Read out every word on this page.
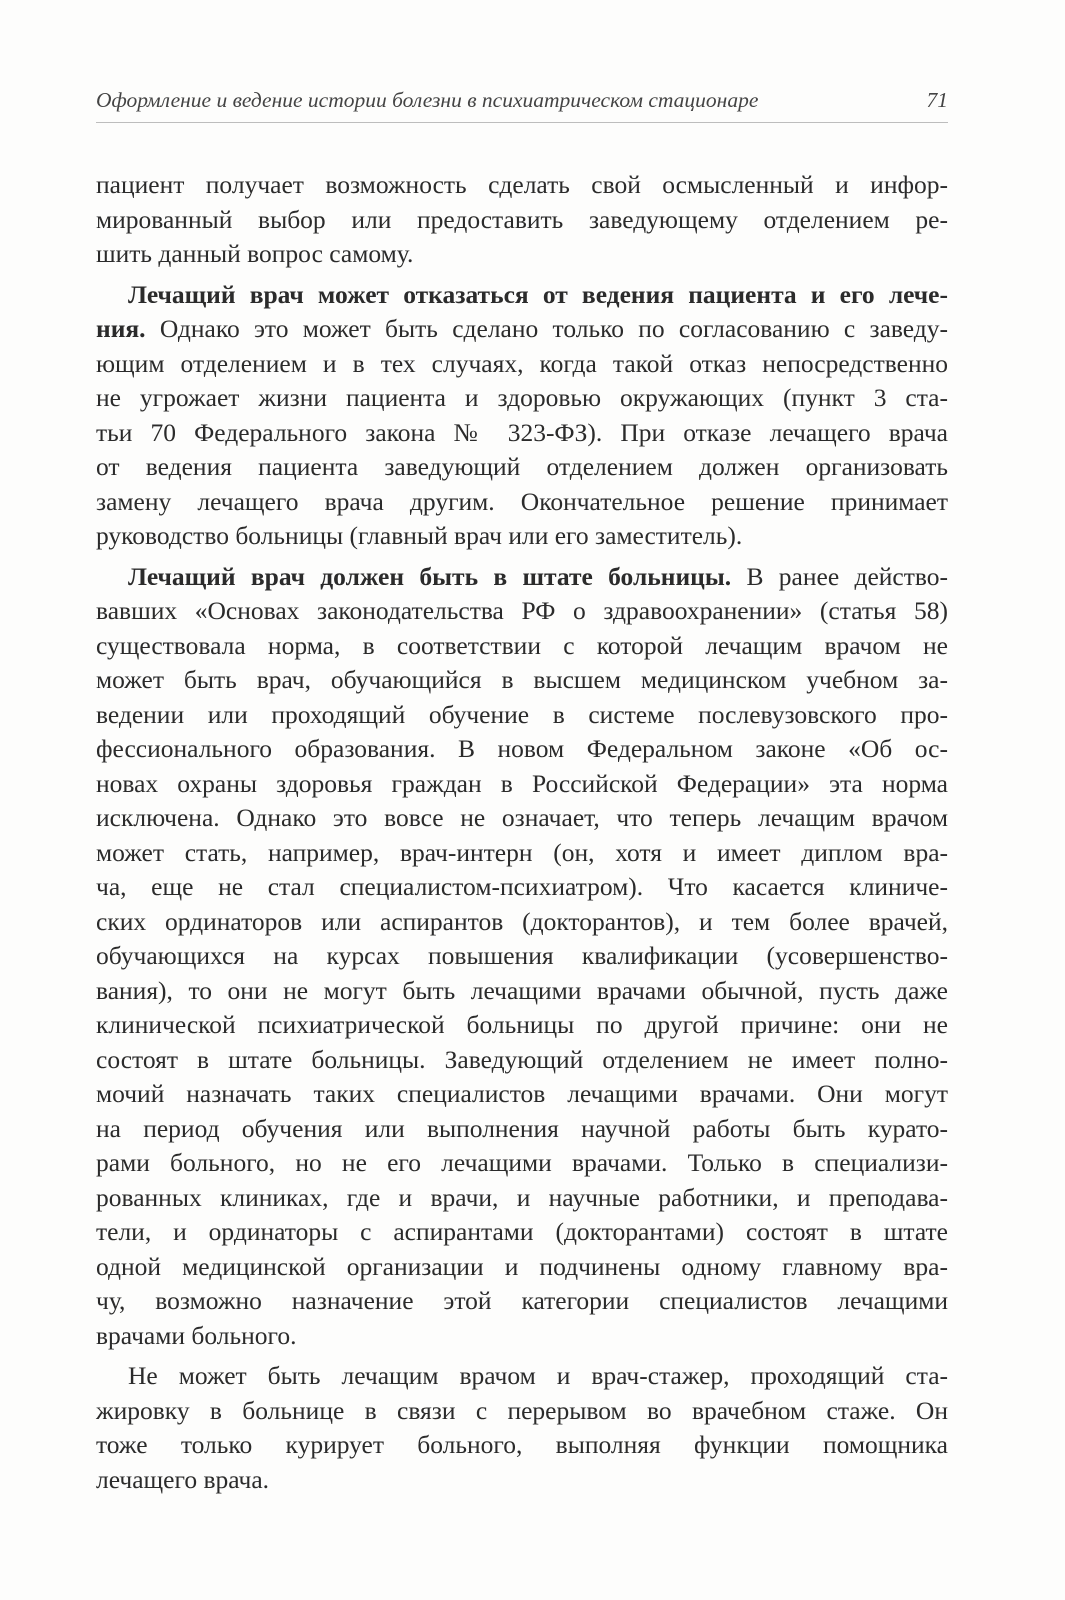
Оформление и ведение истории болезни в психиатрическом стационаре	71
пациент получает возможность сделать свой осмысленный и инфор-
мированный выбор или предоставить заведующему отделением ре-
шить данный вопрос самому.
Лечащий врач может отказаться от ведения пациента и его лече-
ния. Однако это может быть сделано только по согласованию с заведу-
ющим отделением и в тех случаях, когда такой отказ непосредственно
не угрожает жизни пациента и здоровью окружающих (пункт 3 ста-
тьи 70 Федерального закона № 323-ФЗ). При отказе лечащего врача
от ведения пациента заведующий отделением должен организовать
замену лечащего врача другим. Окончательное решение принимает
руководство больницы (главный врач или его заместитель).
Лечащий врач должен быть в штате больницы. В ранее действо-
вавших «Основах законодательства РФ о здравоохранении» (статья 58)
существовала норма, в соответствии с которой лечащим врачом не
может быть врач, обучающийся в высшем медицинском учебном за-
ведении или проходящий обучение в системе послевузовского про-
фессионального образования. В новом Федеральном законе «Об ос-
новах охраны здоровья граждан в Российской Федерации» эта норма
исключена. Однако это вовсе не означает, что теперь лечащим врачом
может стать, например, врач-интерн (он, хотя и имеет диплом вра-
ча, еще не стал специалистом-психиатром). Что касается клиниче-
ских ординаторов или аспирантов (докторантов), и тем более врачей,
обучающихся на курсах повышения квалификации (усовершенство-
вания), то они не могут быть лечащими врачами обычной, пусть даже
клинической психиатрической больницы по другой причине: они не
состоят в штате больницы. Заведующий отделением не имеет полно-
мочий назначать таких специалистов лечащими врачами. Они могут
на период обучения или выполнения научной работы быть курато-
рами больного, но не его лечащими врачами. Только в специализи-
рованных клиниках, где и врачи, и научные работники, и преподава-
тели, и ординаторы с аспирантами (докторантами) состоят в штате
одной медицинской организации и подчинены одному главному вра-
чу, возможно назначение этой категории специалистов лечащими
врачами больного.
Не может быть лечащим врачом и врач-стажер, проходящий ста-
жировку в больнице в связи с перерывом во врачебном стаже. Он
тоже только курирует больного, выполняя функции помощника
лечащего врача.
